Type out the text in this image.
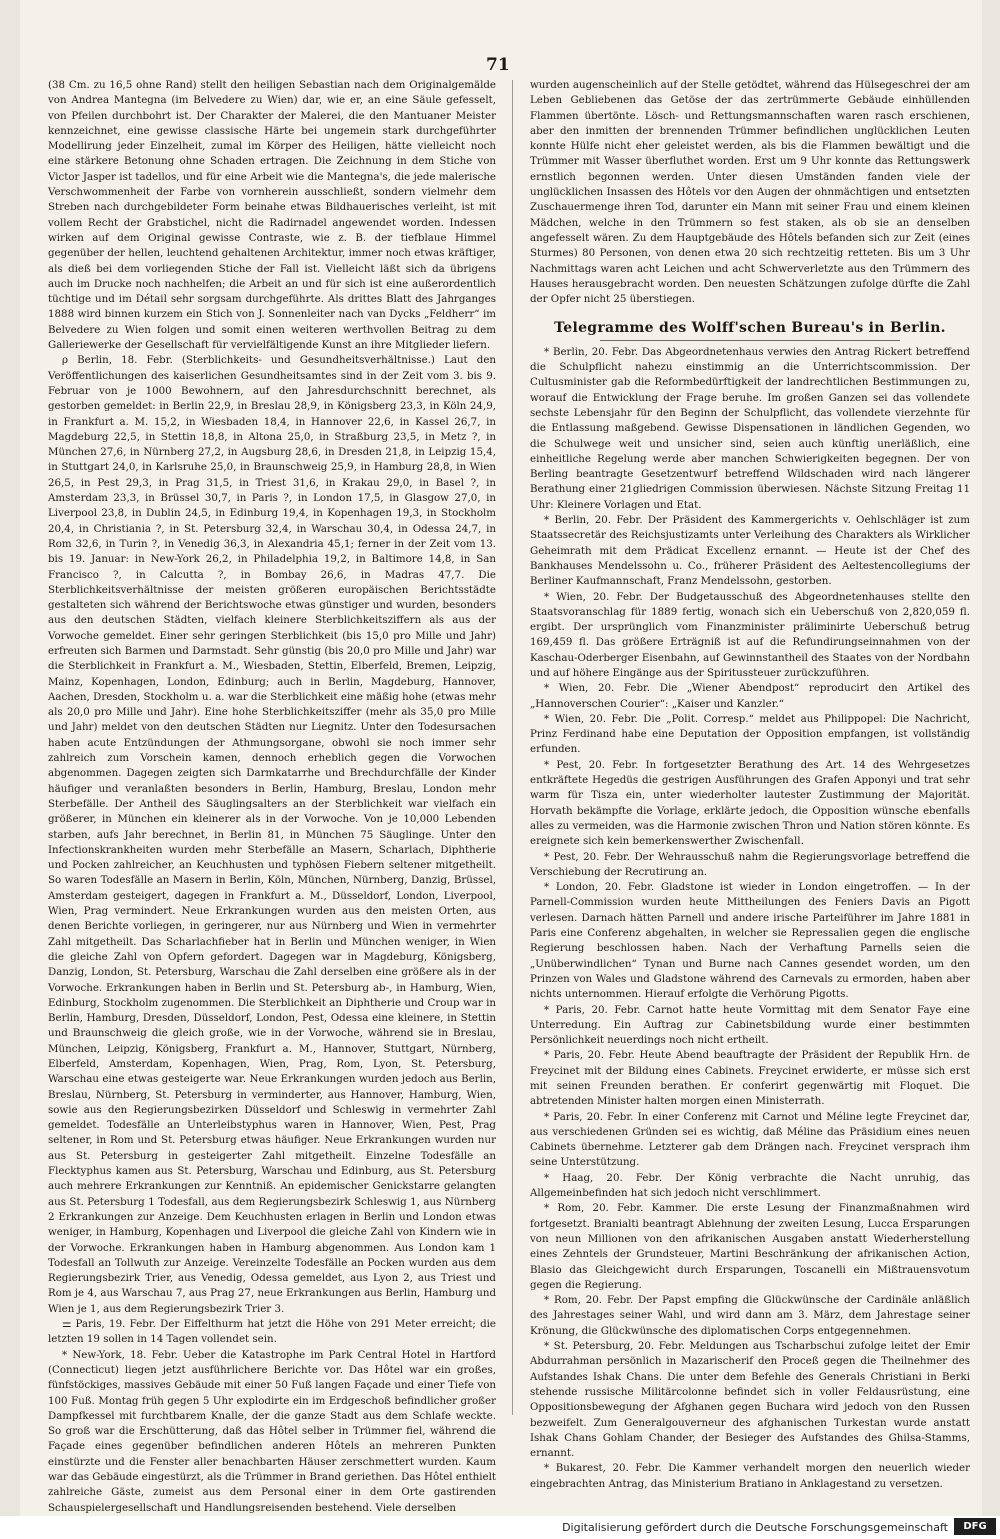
71

(38 Cm. zu 16,5 ohne Rand) stellt den heiligen Sebastian nach dem Originalgemälde von Andrea Mantegna (im Belvedere zu Wien) dar, wie er, an eine Säule gefesselt, von Pfeilen durchbohrt ist. Der Charakter der Malerei, die den Mantuaner Meister kennzeichnet, eine gewisse classische Härte bei ungemein stark durchgeführter Modellirung jeder Einzelheit, zumal im Körper des Heiligen, hätte vielleicht noch eine stärkere Betonung ohne Schaden ertragen. Die Zeichnung in dem Stiche von Victor Jasper ist tadellos, und für eine Arbeit wie die Mantegna's, die jede malerische Verschwommenheit der Farbe von vornherein ausschließt, sondern vielmehr dem Streben nach durchgebildeter Form beinahe etwas Bildhauerisches verleiht, ist mit vollem Recht der Grabstichel, nicht die Radirnadel angewendet worden. Indessen wirken auf dem Original gewisse Contraste, wie z. B. der tiefblaue Himmel gegenüber der hellen, leuchtend gehaltenen Architektur, immer noch etwas kräftiger, als dieß bei dem vorliegenden Stiche der Fall ist. Vielleicht läßt sich da übrigens auch im Drucke noch nachhelfen; die Arbeit an und für sich ist eine außerordentlich tüchtige und im Détail sehr sorgsam durchgeführte. Als drittes Blatt des Jahrganges 1888 wird binnen kurzem ein Stich von J. Sonnenleiter nach van Dycks „Feldherr“ im Belvedere zu Wien folgen und somit einen weiteren werthvollen Beitrag zu dem Galleriewerke der Gesellschaft für vervielfältigende Kunst an ihre Mitglieder liefern.

ρ Berlin, 18. Febr. (Sterblichkeits- und Gesundheitsverhältnisse.) Laut den Veröffentlichungen des kaiserlichen Gesundheitsamtes sind in der Zeit vom 3. bis 9. Februar von je 1000 Bewohnern, auf den Jahresdurchschnitt berechnet, als gestorben gemeldet: in Berlin 22,9, in Breslau 28,9, in Königsberg 23,3, in Köln 24,9, in Frankfurt a. M. 15,2, in Wiesbaden 18,4, in Hannover 22,6, in Kassel 26,7, in Magdeburg 22,5, in Stettin 18,8, in Altona 25,0, in Straßburg 23,5, in Metz ?, in München 27,6, in Nürnberg 27,2, in Augsburg 28,6, in Dresden 21,8, in Leipzig 15,4, in Stuttgart 24,0, in Karlsruhe 25,0, in Braunschweig 25,9, in Hamburg 28,8, in Wien 26,5, in Pest 29,3, in Prag 31,5, in Triest 31,6, in Krakau 29,0, in Basel ?, in Amsterdam 23,3, in Brüssel 30,7, in Paris ?, in London 17,5, in Glasgow 27,0, in Liverpool 23,8, in Dublin 24,5, in Edinburg 19,4, in Kopenhagen 19,3, in Stockholm 20,4, in Christiania ?, in St. Petersburg 32,4, in Warschau 30,4, in Odessa 24,7, in Rom 32,6, in Turin ?, in Venedig 36,3, in Alexandria 45,1; ferner in der Zeit vom 13. bis 19. Januar: in New-York 26,2, in Philadelphia 19,2, in Baltimore 14,8, in San Francisco ?, in Calcutta ?, in Bombay 26,6, in Madras 47,7. Die Sterblichkeitsverhältnisse der meisten größeren europäischen Berichtsstädte gestalteten sich während der Berichtswoche etwas günstiger und wurden, besonders aus den deutschen Städten, vielfach kleinere Sterblichkeitsziffern als aus der Vorwoche gemeldet. Einer sehr geringen Sterblichkeit (bis 15,0 pro Mille und Jahr) erfreuten sich Barmen und Darmstadt. Sehr günstig (bis 20,0 pro Mille und Jahr) war die Sterblichkeit in Frankfurt a. M., Wiesbaden, Stettin, Elberfeld, Bremen, Leipzig, Mainz, Kopenhagen, London, Edinburg; auch in Berlin, Magdeburg, Hannover, Aachen, Dresden, Stockholm u. a. war die Sterblichkeit eine mäßig hohe (etwas mehr als 20,0 pro Mille und Jahr). Eine hohe Sterblichkeitsziffer (mehr als 35,0 pro Mille und Jahr) meldet von den deutschen Städten nur Liegnitz. Unter den Todesursachen haben acute Entzündungen der Athmungsorgane, obwohl sie noch immer sehr zahlreich zum Vorschein kamen, dennoch erheblich gegen die Vorwochen abgenommen. Dagegen zeigten sich Darmkatarrhe und Brechdurchfälle der Kinder häufiger und veranlaßten besonders in Berlin, Hamburg, Breslau, London mehr Sterbefälle. Der Antheil des Säuglingsalters an der Sterblichkeit war vielfach ein größerer, in München ein kleinerer als in der Vorwoche. Von je 10,000 Lebenden starben, aufs Jahr berechnet, in Berlin 81, in München 75 Säuglinge. Unter den Infectionskrankheiten wurden mehr Sterbefälle an Masern, Scharlach, Diphtherie und Pocken zahlreicher, an Keuchhusten und typhösen Fiebern seltener mitgetheilt. So waren Todesfälle an Masern in Berlin, Köln, München, Nürnberg, Danzig, Brüssel, Amsterdam gesteigert, dagegen in Frankfurt a. M., Düsseldorf, London, Liverpool, Wien, Prag vermindert. Neue Erkrankungen wurden aus den meisten Orten, aus denen Berichte vorliegen, in geringerer, nur aus Nürnberg und Wien in vermehrter Zahl mitgetheilt. Das Scharlachfieber hat in Berlin und München weniger, in Wien die gleiche Zahl von Opfern gefordert. Dagegen war in Magdeburg, Königsberg, Danzig, London, St. Petersburg, Warschau die Zahl derselben eine größere als in der Vorwoche. Erkrankungen haben in Berlin und St. Petersburg ab-, in Hamburg, Wien, Edinburg, Stockholm zugenommen. Die Sterblichkeit an Diphtherie und Croup war in Berlin, Hamburg, Dresden, Düsseldorf, London, Pest, Odessa eine kleinere, in Stettin und Braunschweig die gleich große, wie in der Vorwoche, während sie in Breslau, München, Leipzig, Königsberg, Frankfurt a. M., Hannover, Stuttgart, Nürnberg, Elberfeld, Amsterdam, Kopenhagen, Wien, Prag, Rom, Lyon, St. Petersburg, Warschau eine etwas gesteigerte war. Neue Erkrankungen wurden jedoch aus Berlin, Breslau, Nürnberg, St. Petersburg in verminderter, aus Hannover, Hamburg, Wien, sowie aus den Regierungsbezirken Düsseldorf und Schleswig in vermehrter Zahl gemeldet. Todesfälle an Unterleibstyphus waren in Hannover, Wien, Pest, Prag seltener, in Rom und St. Petersburg etwas häufiger. Neue Erkrankungen wurden nur aus St. Petersburg in gesteigerter Zahl mitgetheilt. Einzelne Todesfälle an Flecktyphus kamen aus St. Petersburg, Warschau und Edinburg, aus St. Petersburg auch mehrere Erkrankungen zur Kenntniß. An epidemischer Genickstarre gelangten aus St. Petersburg 1 Todesfall, aus dem Regierungsbezirk Schleswig 1, aus Nürnberg 2 Erkrankungen zur Anzeige. Dem Keuchhusten erlagen in Berlin und London etwas weniger, in Hamburg, Kopenhagen und Liverpool die gleiche Zahl von Kindern wie in der Vorwoche. Erkrankungen haben in Hamburg abgenommen. Aus London kam 1 Todesfall an Tollwuth zur Anzeige. Vereinzelte Todesfälle an Pocken wurden aus dem Regierungsbezirk Trier, aus Venedig, Odessa gemeldet, aus Lyon 2, aus Triest und Rom je 4, aus Warschau 7, aus Prag 27, neue Erkrankungen aus Berlin, Hamburg und Wien je 1, aus dem Regierungsbezirk Trier 3.

⚌ Paris, 19. Febr. Der Eiffelthurm hat jetzt die Höhe von 291 Meter erreicht; die letzten 19 sollen in 14 Tagen vollendet sein.

* New-York, 18. Febr. Ueber die Katastrophe im Park Central Hotel in Hartford (Connecticut) liegen jetzt ausführlichere Berichte vor. Das Hôtel war ein großes, fünfstöckiges, massives Gebäude mit einer 50 Fuß langen Façade und einer Tiefe von 100 Fuß. Montag früh gegen 5 Uhr explodirte ein im Erdgeschoß befindlicher großer Dampfkessel mit furchtbarem Knalle, der die ganze Stadt aus dem Schlafe weckte. So groß war die Erschütterung, daß das Hôtel selber in Trümmer fiel, während die Façade eines gegenüber befindlichen anderen Hôtels an mehreren Punkten einstürzte und die Fenster aller benachbarten Häuser zerschmettert wurden. Kaum war das Gebäude eingestürzt, als die Trümmer in Brand geriethen. Das Hôtel enthielt zahlreiche Gäste, zumeist aus dem Personal einer in dem Orte gastirenden Schauspielergesellschaft und Handlungsreisenden bestehend. Viele derselben

wurden augenscheinlich auf der Stelle getödtet, während das Hülsegeschrei der am Leben Gebliebenen das Getöse der das zertrümmerte Gebäude einhüllenden Flammen übertönte. Lösch- und Rettungsmannschaften waren rasch erschienen, aber den inmitten der brennenden Trümmer befindlichen unglücklichen Leuten konnte Hülfe nicht eher geleistet werden, als bis die Flammen bewältigt und die Trümmer mit Wasser überfluthet worden. Erst um 9 Uhr konnte das Rettungswerk ernstlich begonnen werden. Unter diesen Umständen fanden viele der unglücklichen Insassen des Hôtels vor den Augen der ohnmächtigen und entsetzten Zuschauermenge ihren Tod, darunter ein Mann mit seiner Frau und einem kleinen Mädchen, welche in den Trümmern so fest staken, als ob sie an denselben angefesselt wären. Zu dem Hauptgebäude des Hôtels befanden sich zur Zeit (eines Sturmes) 80 Personen, von denen etwa 20 sich rechtzeitig retteten. Bis um 3 Uhr Nachmittags waren acht Leichen und acht Schwerverletzte aus den Trümmern des Hauses herausgebracht worden. Den neuesten Schätzungen zufolge dürfte die Zahl der Opfer nicht 25 überstiegen.

Telegramme des Wolff'schen Bureau's in Berlin.

* Berlin, 20. Febr. Das Abgeordnetenhaus verwies den Antrag Rickert betreffend die Schulpflicht nahezu einstimmig an die Unterrichtscommission. Der Cultusminister gab die Reformbedürftigkeit der landrechtlichen Bestimmungen zu, worauf die Entwicklung der Frage beruhe. Im großen Ganzen sei das vollendete sechste Lebensjahr für den Beginn der Schulpflicht, das vollendete vierzehnte für die Entlassung maßgebend. Gewisse Dispensationen in ländlichen Gegenden, wo die Schulwege weit und unsicher sind, seien auch künftig unerläßlich, eine einheitliche Regelung werde aber manchen Schwierigkeiten begegnen. Der von Berling beantragte Gesetzentwurf betreffend Wildschaden wird nach längerer Berathung einer 21gliedrigen Commission überwiesen. Nächste Sitzung Freitag 11 Uhr: Kleinere Vorlagen und Etat.

* Berlin, 20. Febr. Der Präsident des Kammergerichts v. Oehlschläger ist zum Staatssecretär des Reichsjustizamts unter Verleihung des Charakters als Wirklicher Geheimrath mit dem Prädicat Excellenz ernannt. — Heute ist der Chef des Bankhauses Mendelssohn u. Co., früherer Präsident des Aeltestencollegiums der Berliner Kaufmannschaft, Franz Mendelssohn, gestorben.

* Wien, 20. Febr. Der Budgetausschuß des Abgeordnetenhauses stellte den Staatsvoranschlag für 1889 fertig, wonach sich ein Ueberschuß von 2,820,059 fl. ergibt. Der ursprünglich vom Finanzminister präliminirte Ueberschuß betrug 169,459 fl. Das größere Erträgniß ist auf die Refundirungseinnahmen von der Kaschau-Oderberger Eisenbahn, auf Gewinnstantheil des Staates von der Nordbahn und auf höhere Eingänge aus der Spiritussteuer zurückzuführen.

* Wien, 20. Febr. Die „Wiener Abendpost“ reproducirt den Artikel des „Hannoverschen Courier“: „Kaiser und Kanzler.“

* Wien, 20. Febr. Die „Polit. Corresp.“ meldet aus Philippopel: Die Nachricht, Prinz Ferdinand habe eine Deputation der Opposition empfangen, ist vollständig erfunden.

* Pest, 20. Febr. In fortgesetzter Berathung des Art. 14 des Wehrgesetzes entkräftete Hegedüs die gestrigen Ausführungen des Grafen Apponyi und trat sehr warm für Tisza ein, unter wiederholter lautester Zustimmung der Majorität. Horvath bekämpfte die Vorlage, erklärte jedoch, die Opposition wünsche ebenfalls alles zu vermeiden, was die Harmonie zwischen Thron und Nation stören könnte. Es ereignete sich kein bemerkenswerther Zwischenfall.

* Pest, 20. Febr. Der Wehrausschuß nahm die Regierungsvorlage betreffend die Verschiebung der Recrutirung an.

* London, 20. Febr. Gladstone ist wieder in London eingetroffen. — In der Parnell-Commission wurden heute Mittheilungen des Feniers Davis an Pigott verlesen. Darnach hätten Parnell und andere irische Parteiführer im Jahre 1881 in Paris eine Conferenz abgehalten, in welcher sie Repressalien gegen die englische Regierung beschlossen haben. Nach der Verhaftung Parnells seien die „Unüberwindlichen“ Tynan und Burne nach Cannes gesendet worden, um den Prinzen von Wales und Gladstone während des Carnevals zu ermorden, haben aber nichts unternommen. Hierauf erfolgte die Verhörung Pigotts.

* Paris, 20. Febr. Carnot hatte heute Vormittag mit dem Senator Faye eine Unterredung. Ein Auftrag zur Cabinetsbildung wurde einer bestimmten Persönlichkeit neuerdings noch nicht ertheilt.

* Paris, 20. Febr. Heute Abend beauftragte der Präsident der Republik Hrn. de Freycinet mit der Bildung eines Cabinets. Freycinet erwiderte, er müsse sich erst mit seinen Freunden berathen. Er conferirt gegenwärtig mit Floquet. Die abtretenden Minister halten morgen einen Ministerrath.

* Paris, 20. Febr. In einer Conferenz mit Carnot und Méline legte Freycinet dar, aus verschiedenen Gründen sei es wichtig, daß Méline das Präsidium eines neuen Cabinets übernehme. Letzterer gab dem Drängen nach. Freycinet versprach ihm seine Unterstützung.

* Haag, 20. Febr. Der König verbrachte die Nacht unruhig, das Allgemeinbefinden hat sich jedoch nicht verschlimmert.

* Rom, 20. Febr. Kammer. Die erste Lesung der Finanzmaßnahmen wird fortgesetzt. Branialti beantragt Ablehnung der zweiten Lesung, Lucca Ersparungen von neun Millionen von den afrikanischen Ausgaben anstatt Wiederherstellung eines Zehntels der Grundsteuer, Martini Beschränkung der afrikanischen Action, Blasio das Gleichgewicht durch Ersparungen, Toscanelli ein Mißtrauensvotum gegen die Regierung.

* Rom, 20. Febr. Der Papst empfing die Glückwünsche der Cardinäle anläßlich des Jahrestages seiner Wahl, und wird dann am 3. März, dem Jahrestage seiner Krönung, die Glückwünsche des diplomatischen Corps entgegennehmen.

* St. Petersburg, 20. Febr. Meldungen aus Tscharbschui zufolge leitet der Emir Abdurrahman persönlich in Mazarischerif den Proceß gegen die Theilnehmer des Aufstandes Ishak Chans. Die unter dem Befehle des Generals Christiani in Berki stehende russische Militärcolonne befindet sich in voller Feldausrüstung, eine Oppositionsbewegung der Afghanen gegen Buchara wird jedoch von den Russen bezweifelt. Zum Generalgouverneur des afghanischen Turkestan wurde anstatt Ishak Chans Gohlam Chander, der Besieger des Aufstandes des Ghilsa-Stamms, ernannt.

* Bukarest, 20. Febr. Die Kammer verhandelt morgen den neuerlich wieder eingebrachten Antrag, das Ministerium Bratiano in Anklagestand zu versetzen.

Digitalisierung gefördert durch die Deutsche Forschungsgemeinschaft	DFG
